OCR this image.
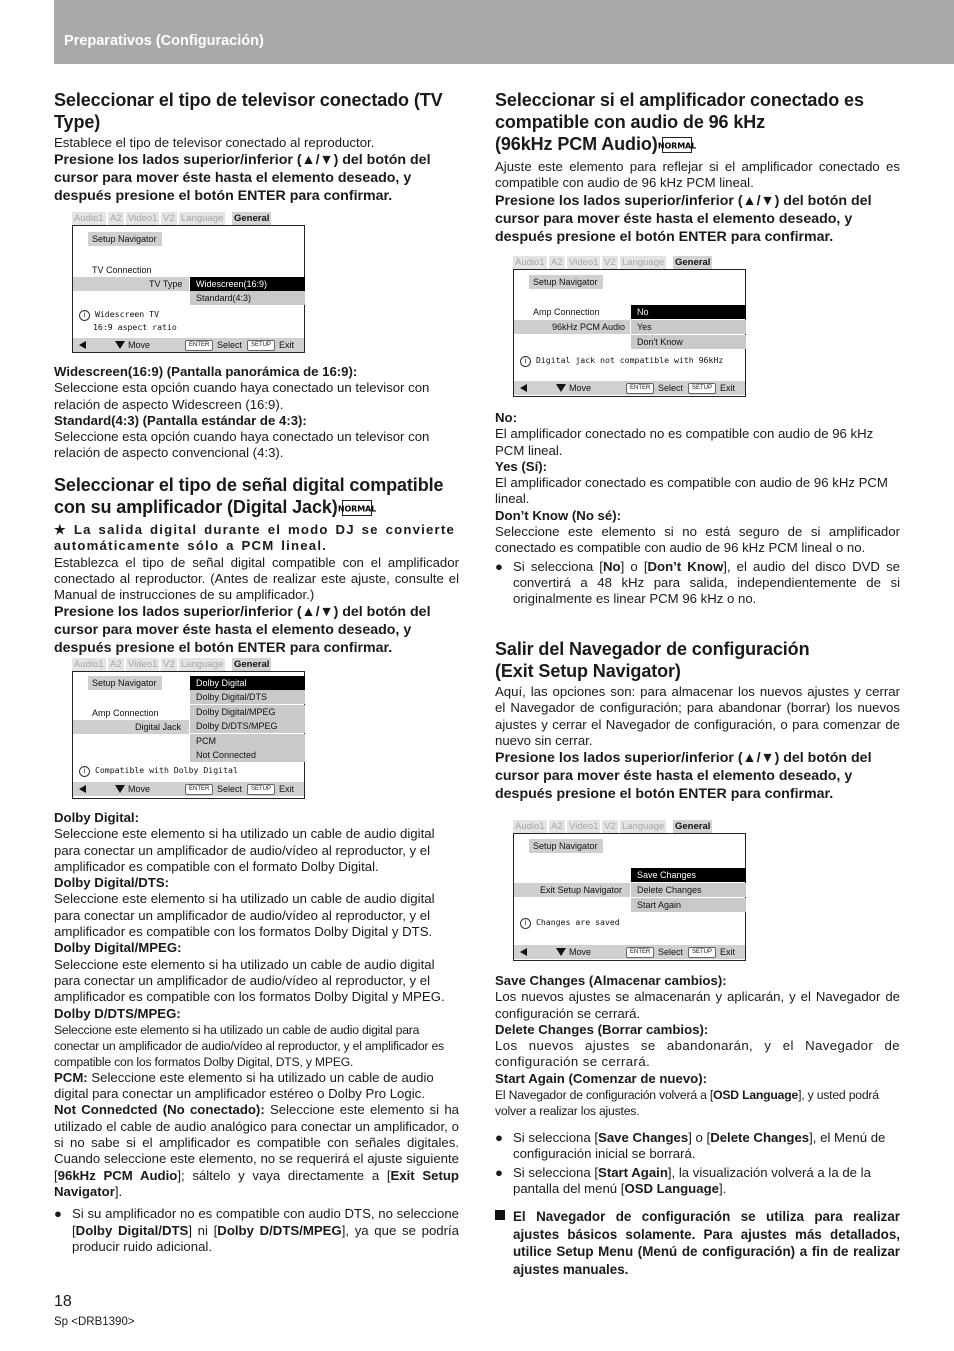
Preparativos (Configuración)
Seleccionar el tipo de televisor conectado (TV Type)

Establece el tipo de televisor conectado al reproductor.

Presione los lados superior/inferior (▲/▼) del botón del cursor para mover éste hasta el elemento deseado, y después presione el botón ENTER para confirmar.

Audio1 A2 Video1 V2 Language General
Setup Navigator
TV Connection
TV Type	Widescreen(16:9)
Standard(4:3)
i Widescreen TV
16:9 aspect ratio
Move	ENTER Select	SETUP Exit

Widescreen(16:9) (Pantalla panorámica de 16:9):

Seleccione esta opción cuando haya conectado un televisor con relación de aspecto Widescreen (16:9).

Standard(4:3) (Pantalla estándar de 4:3):

Seleccione esta opción cuando haya conectado un televisor con relación de aspecto convencional (4:3).

Seleccionar el tipo de señal digital compatible
con su amplificador (Digital Jack) NORMAL

★ La salida digital durante el modo DJ se convierte automáticamente sólo a PCM lineal.

Establezca el tipo de señal digital compatible con el amplificador conectado al reproductor. (Antes de realizar este ajuste, consulte el Manual de instrucciones de su amplificador.)

Presione los lados superior/inferior (▲/▼) del botón del cursor para mover éste hasta el elemento deseado, y después presione el botón ENTER para confirmar.

Audio1 A2 Video1 V2 Language General
Setup Navigator
Amp Connection
Digital Jack
Dolby Digital
Dolby Digital/DTS
Dolby Digital/MPEG
Dolby D/DTS/MPEG
PCM
Not Connected
i Compatible with Dolby Digital
Move	ENTER Select	SETUP Exit

Dolby Digital:

Seleccione este elemento si ha utilizado un cable de audio digital para conectar un amplificador de audio/vídeo al reproductor, y el amplificador es compatible con el formato Dolby Digital.

Dolby Digital/DTS:

Seleccione este elemento si ha utilizado un cable de audio digital para conectar un amplificador de audio/vídeo al reproductor, y el amplificador es compatible con los formatos Dolby Digital y DTS.

Dolby Digital/MPEG:

Seleccione este elemento si ha utilizado un cable de audio digital para conectar un amplificador de audio/vídeo al reproductor, y el amplificador es compatible con los formatos Dolby Digital y MPEG.

Dolby D/DTS/MPEG:

Seleccione este elemento si ha utilizado un cable de audio digital para conectar un amplificador de audio/vídeo al reproductor, y el amplificador es compatible con los formatos Dolby Digital, DTS, y MPEG.

PCM: Seleccione este elemento si ha utilizado un cable de audio digital para conectar un amplificador estéreo o Dolby Pro Logic.

Not Connedcted (No conectado): Seleccione este elemento si ha utilizado el cable de audio analógico para conectar un amplificador, o si no sabe si el amplificador es compatible con señales digitales. Cuando seleccione este elemento, no se requerirá el ajuste siguiente [96kHz PCM Audio]; sáltelo y vaya directamente a [Exit Setup Navigator].

● Si su amplificador no es compatible con audio DTS, no seleccione [Dolby Digital/DTS] ni [Dolby D/DTS/MPEG], ya que se podría producir ruido adicional.

Seleccionar si el amplificador conectado es
compatible con audio de 96 kHz
(96kHz PCM Audio) NORMAL

Ajuste este elemento para reflejar si el amplificador conectado es compatible con audio de 96 kHz PCM lineal.

Presione los lados superior/inferior (▲/▼) del botón del cursor para mover éste hasta el elemento deseado, y después presione el botón ENTER para confirmar.

Audio1 A2 Video1 V2 Language General
Setup Navigator
Amp Connection
96kHz PCM Audio
No
Yes
Don't Know
i Digital jack not compatible with 96kHz
Move	ENTER Select	SETUP Exit

No:

El amplificador conectado no es compatible con audio de 96 kHz PCM lineal.

Yes (Sí):

El amplificador conectado es compatible con audio de 96 kHz PCM lineal.

Don’t Know (No sé):

Seleccione este elemento si no está seguro de si amplificador conectado es compatible con audio de 96 kHz PCM lineal o no.

● Si selecciona [No] o [Don’t Know], el audio del disco DVD se convertirá a 48 kHz para salida, independientemente de si originalmente es linear PCM 96 kHz o no.

Salir del Navegador de configuración
(Exit Setup Navigator)

Aquí, las opciones son: para almacenar los nuevos ajustes y cerrar el Navegador de configuración; para abandonar (borrar) los nuevos ajustes y cerrar el Navegador de configuración, o para comenzar de nuevo sin cerrar.

Presione los lados superior/inferior (▲/▼) del botón del cursor para mover éste hasta el elemento deseado, y después presione el botón ENTER para confirmar.

Audio1 A2 Video1 V2 Language General
Setup Navigator
Exit Setup Navigator
Save Changes
Delete Changes
Start Again
i Changes are saved
Move	ENTER Select	SETUP Exit

Save Changes (Almacenar cambios):

Los nuevos ajustes se almacenarán y aplicarán, y el Navegador de configuración se cerrará.

Delete Changes (Borrar cambios):

Los nuevos ajustes se abandonarán, y el Navegador de configuración se cerrará.

Start Again (Comenzar de nuevo):

El Navegador de configuración volverá a [OSD Language], y usted podrá volver a realizar los ajustes.

● Si selecciona [Save Changes] o [Delete Changes], el Menú de configuración inicial se borrará.

● Si selecciona [Start Again], la visualización volverá a la de la pantalla del menú [OSD Language].

El Navegador de configuración se utiliza para realizar ajustes básicos solamente. Para ajustes más detallados, utilice Setup Menu (Menú de configuración) a fin de realizar ajustes manuales.

18
Sp <DRB1390>
